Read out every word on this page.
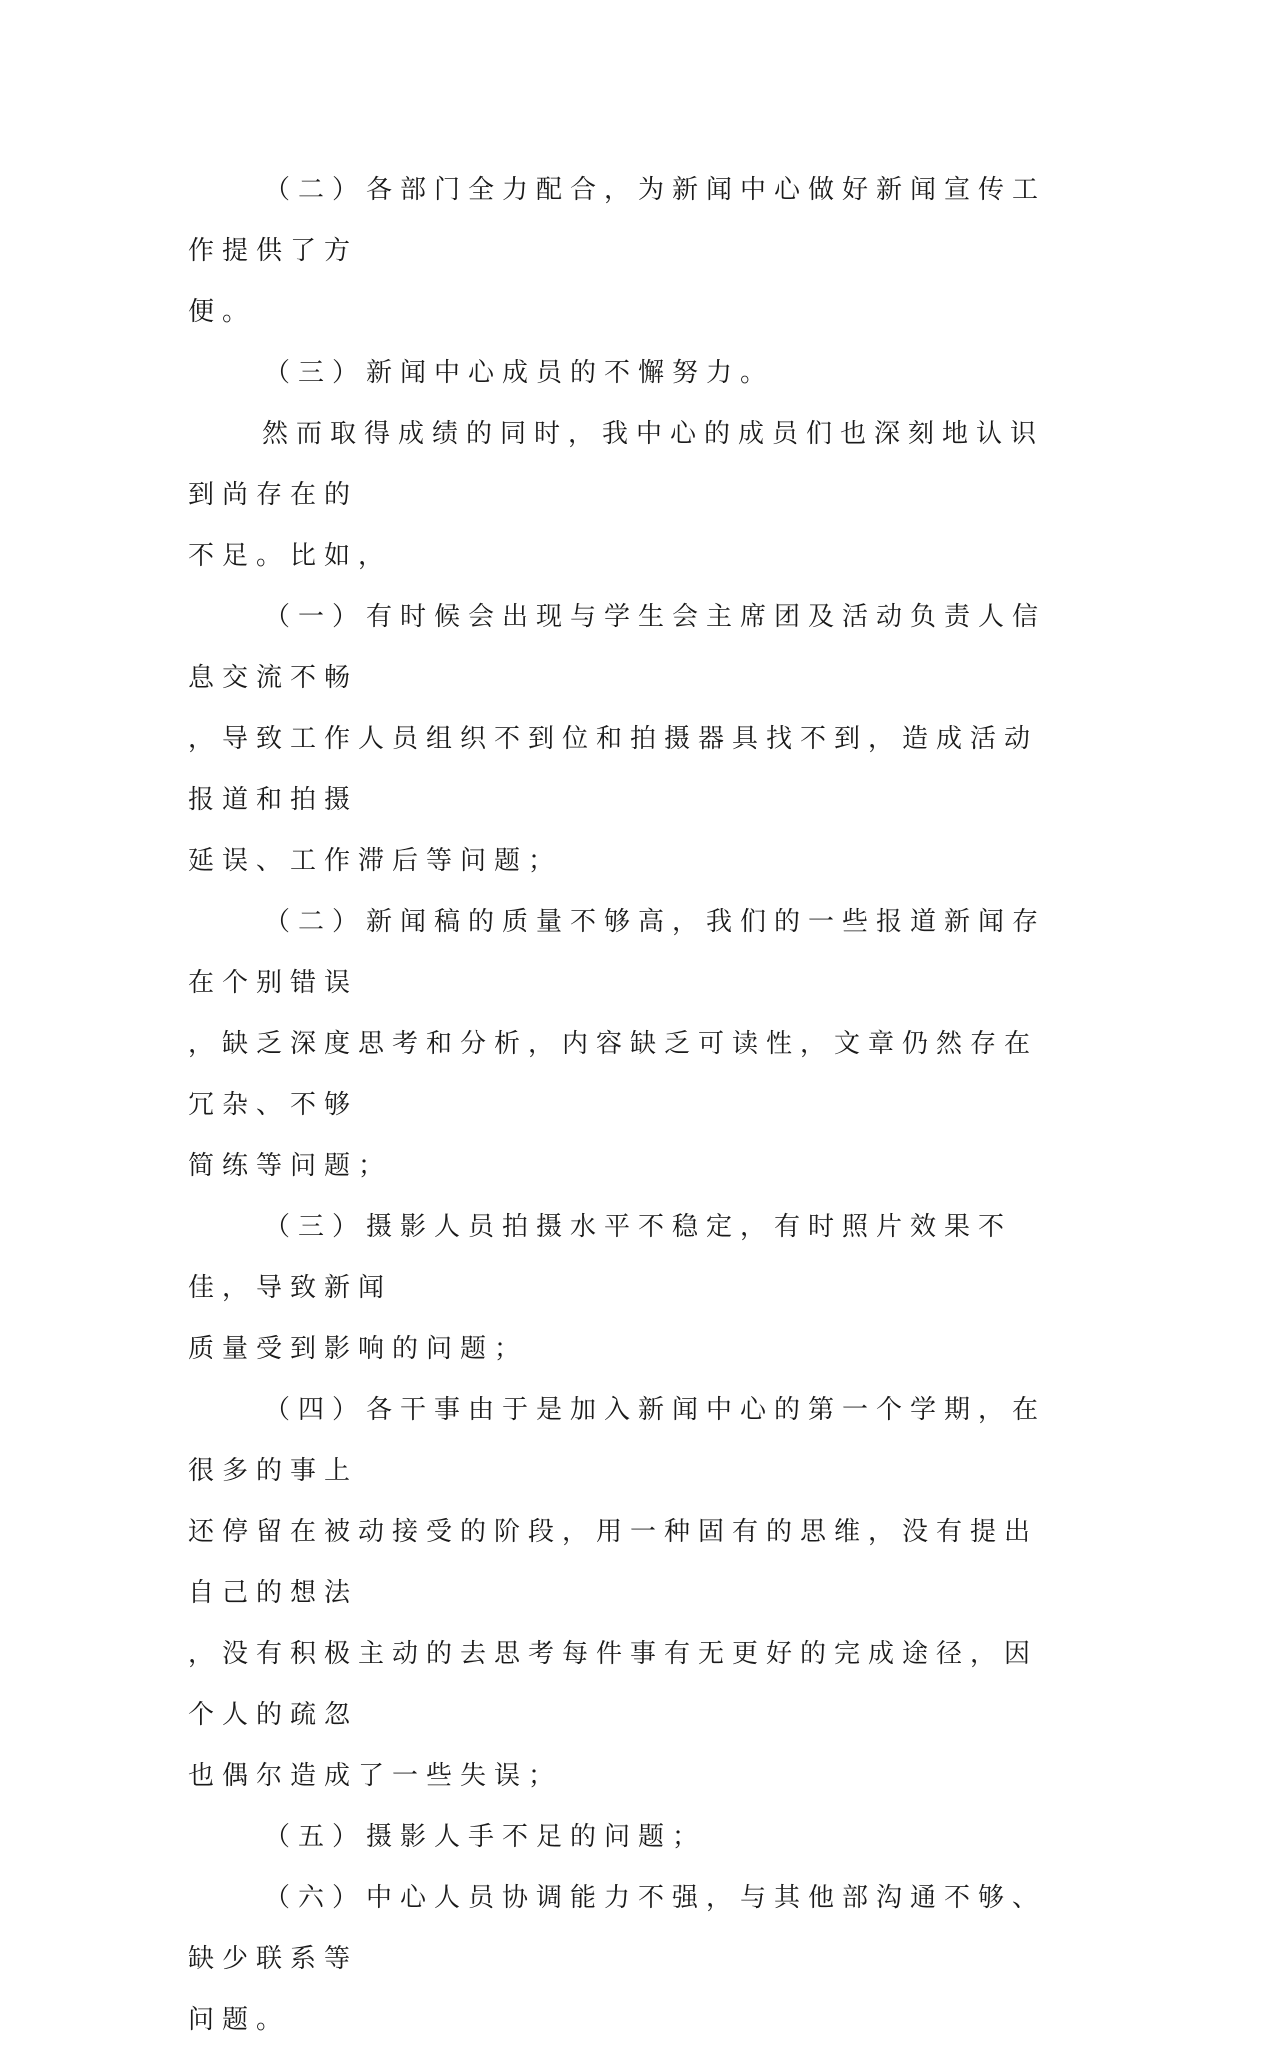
（二）各部门全力配合，为新闻中心做好新闻宣传工作提供了方
便。

（三）新闻中心成员的不懈努力。

然而取得成绩的同时，我中心的成员们也深刻地认识到尚存在的
不足。比如，

（一）有时候会出现与学生会主席团及活动负责人信息交流不畅
，导致工作人员组织不到位和拍摄器具找不到，造成活动报道和拍摄
延误、工作滞后等问题；

（二）新闻稿的质量不够高，我们的一些报道新闻存在个别错误
，缺乏深度思考和分析，内容缺乏可读性，文章仍然存在冗杂、不够
简练等问题；

（三）摄影人员拍摄水平不稳定，有时照片效果不佳，导致新闻
质量受到影响的问题；

（四）各干事由于是加入新闻中心的第一个学期，在很多的事上
还停留在被动接受的阶段，用一种固有的思维，没有提出自己的想法
，没有积极主动的去思考每件事有无更好的完成途径，因个人的疏忽
也偶尔造成了一些失误；

（五）摄影人手不足的问题；

（六）中心人员协调能力不强，与其他部沟通不够、缺少联系等
问题。
